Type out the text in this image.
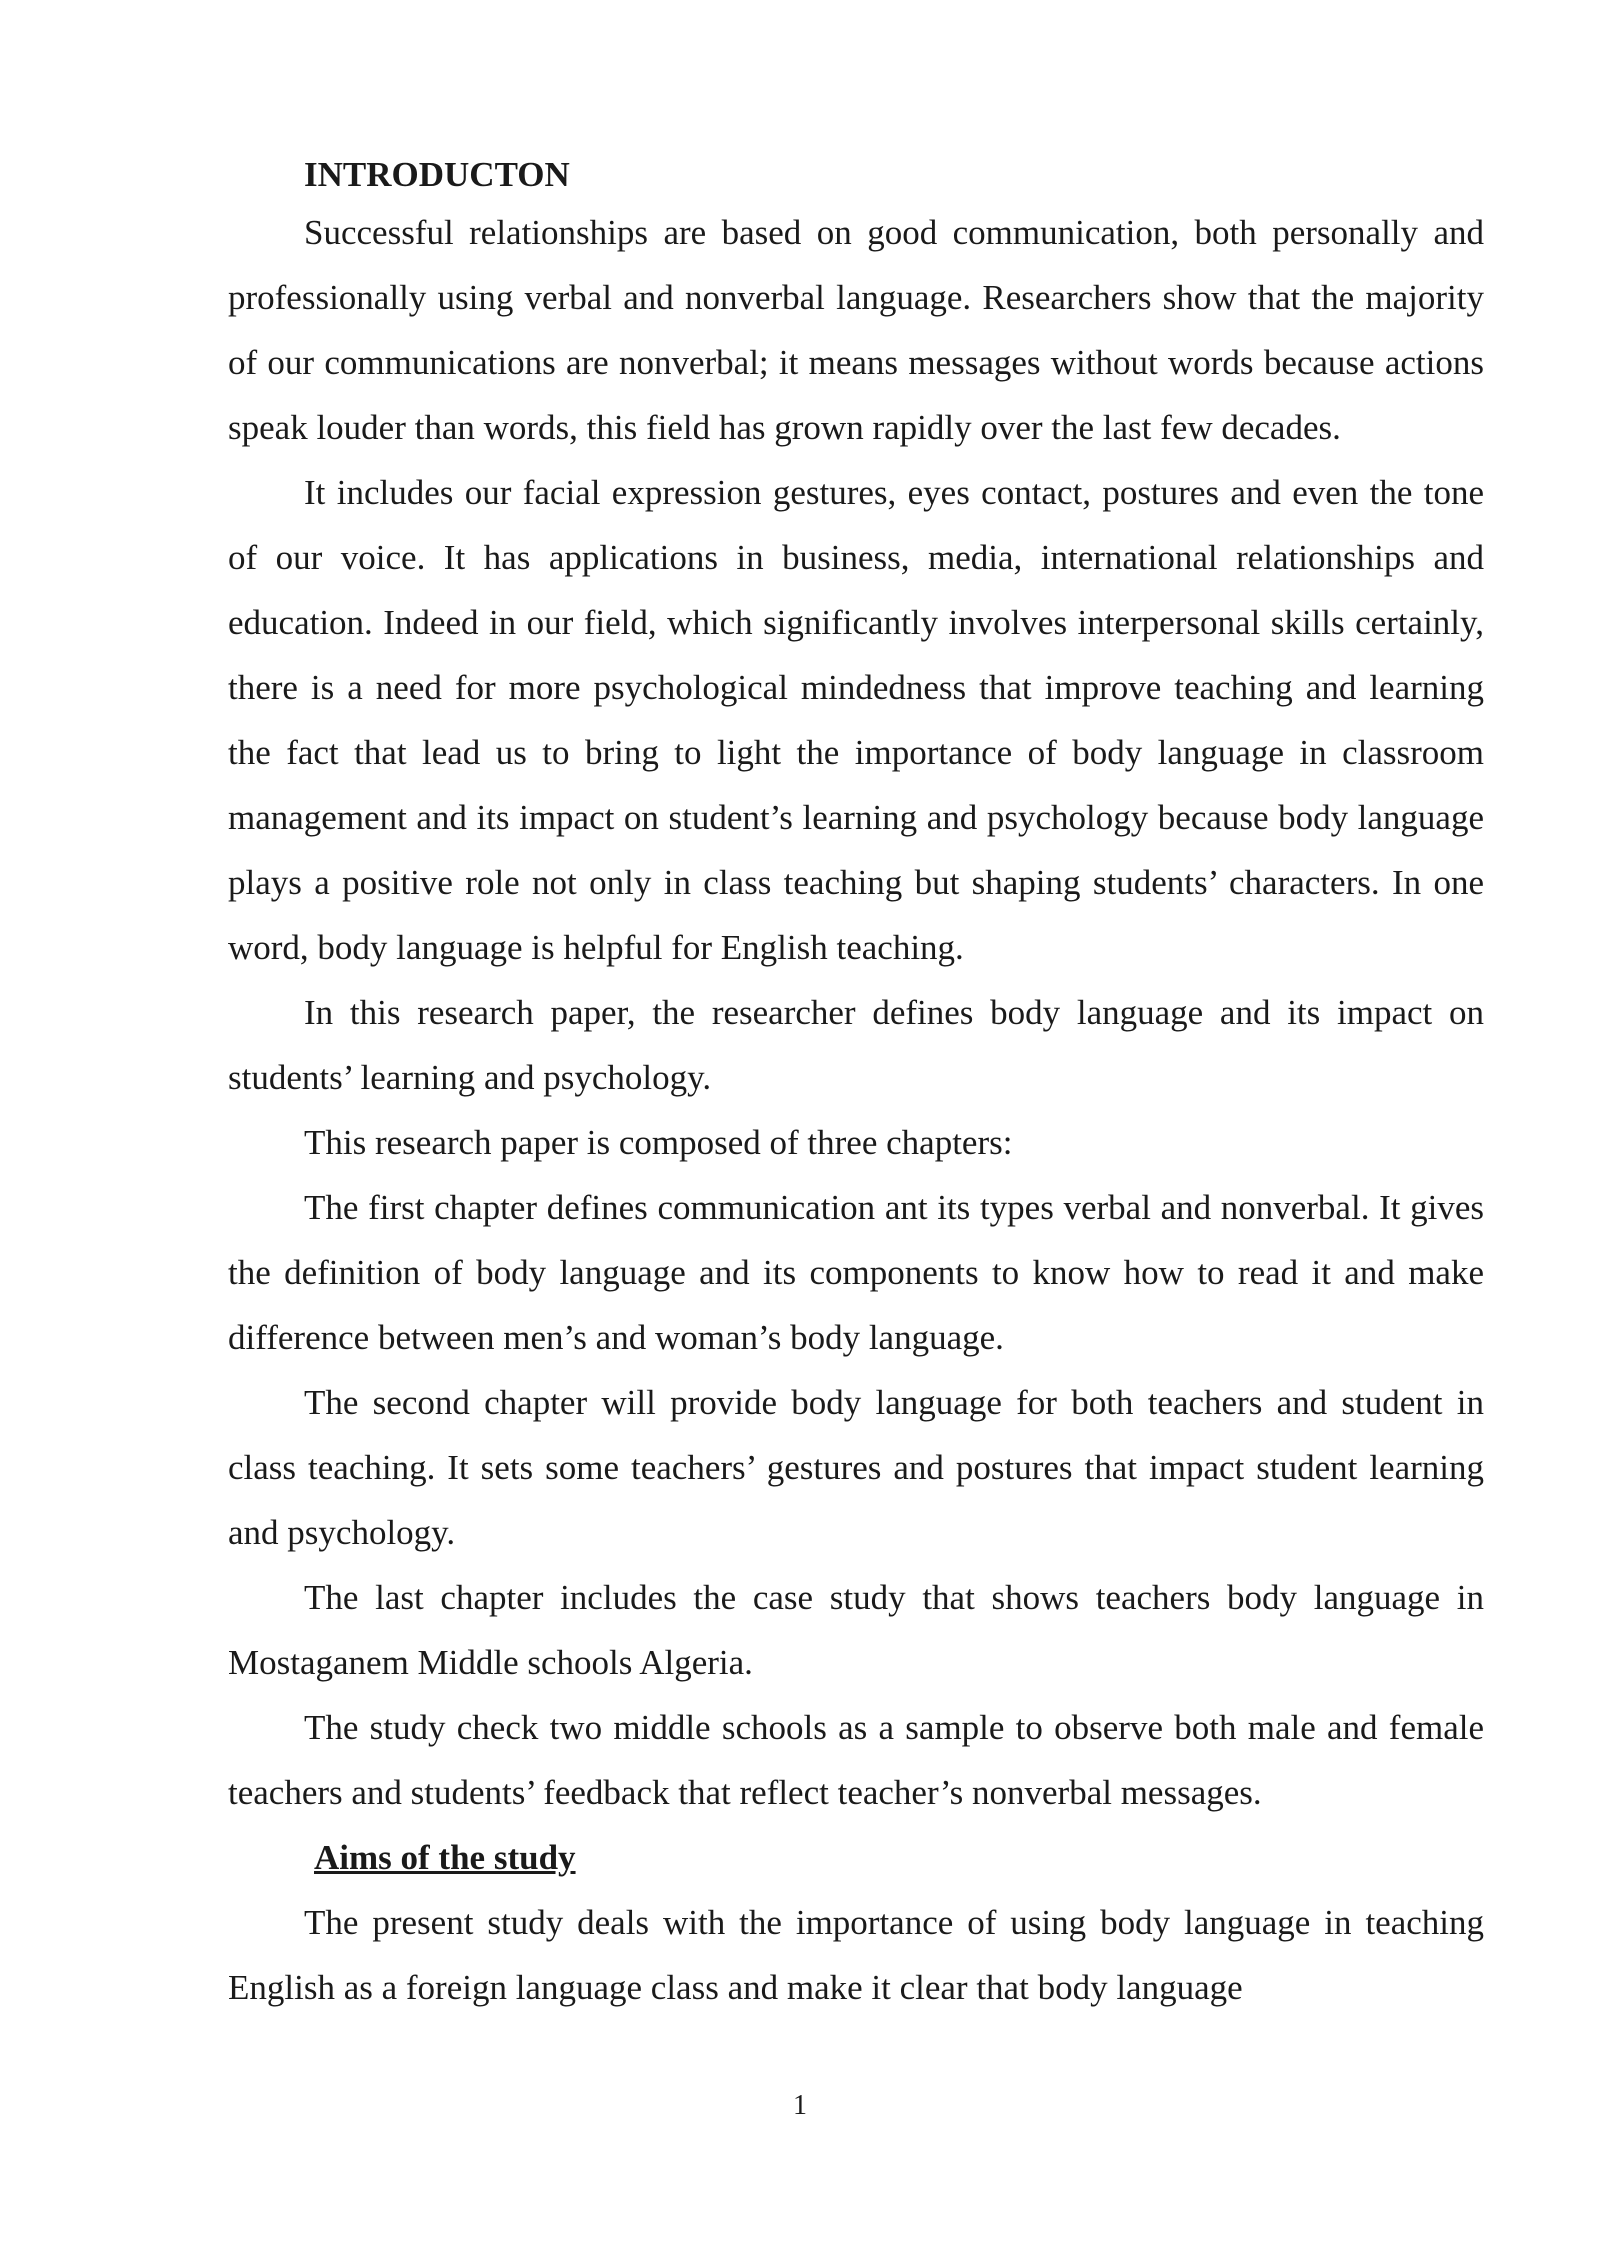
INTRODUCTON

Successful relationships are based on good communication, both personally and professionally using verbal and nonverbal language. Researchers show that the majority of our communications are nonverbal; it means messages without words because actions speak louder than words, this field has grown rapidly over the last few decades.

It includes our facial expression gestures, eyes contact, postures and even the tone of our voice. It has applications in business, media, international relationships and education. Indeed in our field, which significantly involves interpersonal skills certainly, there is a need for more psychological mindedness that improve teaching and learning the fact that lead us to bring to light the importance of body language in classroom management and its impact on student’s learning and psychology because body language plays a positive role not only in class teaching but shaping students’ characters. In one word, body language is helpful for English teaching.

In this research paper, the researcher defines body language and its impact on students’ learning and psychology.

This research paper is composed of three chapters:

The first chapter defines communication ant its types verbal and nonverbal. It gives the definition of body language and its components to know how to read it and make difference between men’s and woman’s body language.

The second chapter will provide body language for both teachers and student in class teaching. It sets some teachers’ gestures and postures that impact student learning and psychology.

The last chapter includes the case study that shows teachers body language in Mostaganem Middle schools Algeria.

The study check two middle schools as a sample to observe both male and female teachers and students’ feedback that reflect teacher’s nonverbal messages.

Aims of the study

The present study deals with the importance of using body language in teaching English as a foreign language class and make it clear that body language

1
